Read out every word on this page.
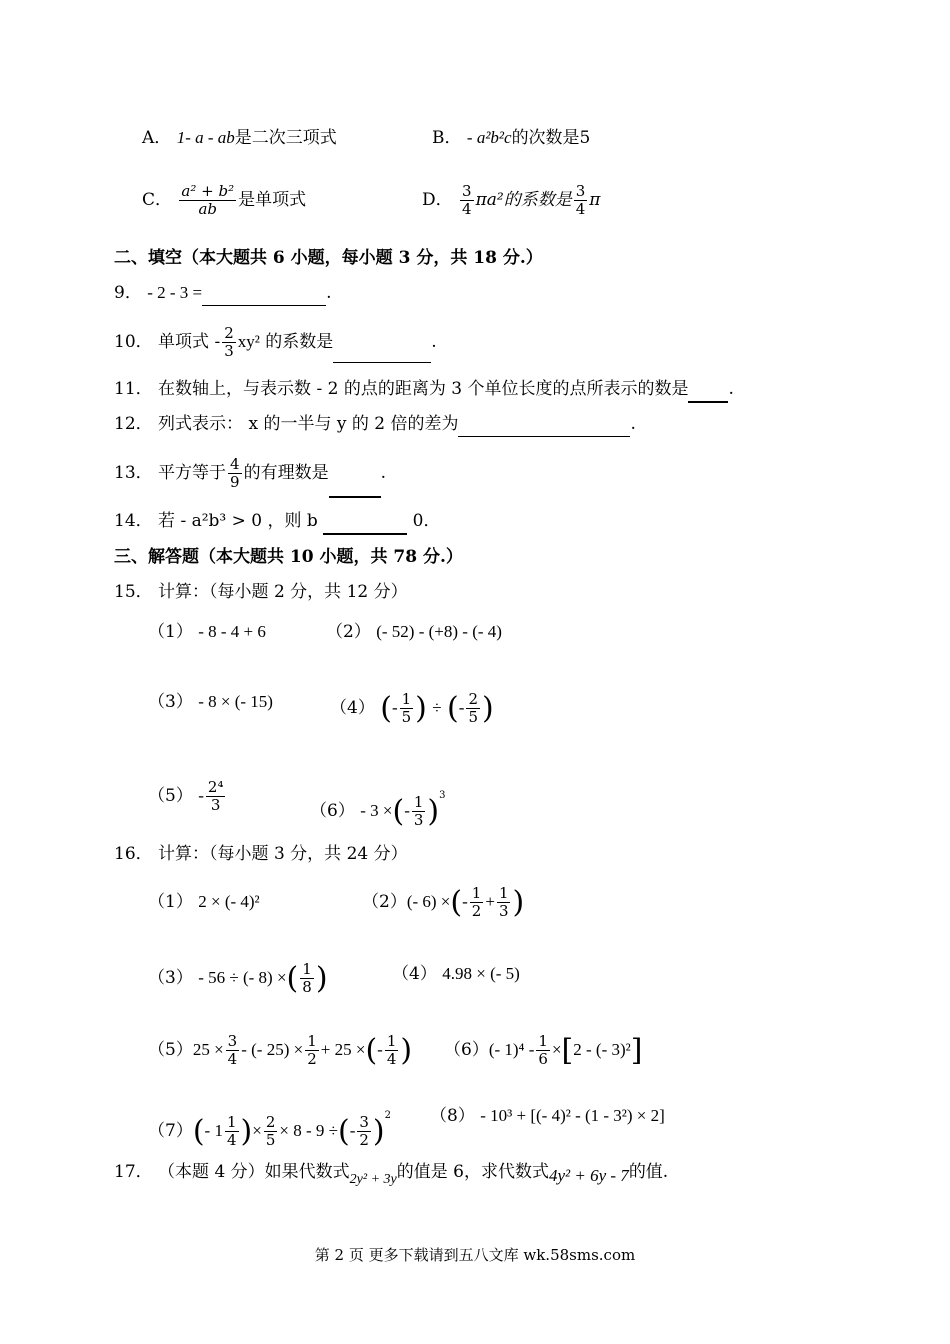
A． 1- a - ab是二次三项式	B． - a²b²c的次数是5
C． $\frac{\text{a² + b²}}{ab}$ 是单项式	D． $\frac{3}{4} \pi a^2$的系数是 $\frac{3}{4}$ π
二、填空（本大题共 6 小题，每小题 3 分，共 18 分.）
9． - 2 - 3 =	.
10． 单项式 - $\frac{2}{3} xy^2$ 的系数是	.
11． 在数轴上，与表示数 - 2 的点的距离为 3 个单位长度的点所表示的数是 .
12． 列式表示： x 的一半与 y 的 2 倍的差为	.
13． 平方等于 $\frac{4}{9}$ 的有理数是	.
14． 若 - a²b³ > 0 ，则 b	0．
三、解答题（本大题共 10 小题，共 78 分.）
15． 计算：（每小题 2 分，共 12 分）
（1） - 8 - 4 + 6	（2） (- 52) - (+8) - (- 4)
（3） - 8 × (- 15)	（4） (- $\frac{1}{5}$ ) ÷ (- $\frac{2}{5}$ )
$(5) - \frac{\text{2⁴}}{3}$	（6） - 3 ×(- $\frac{1}{3} )^3$
16． 计算：（每小题 3 分，共 24 分）
（1） 2 × (- 4)²	（2）(- 6) ×(- $\frac{1}{2} + \frac{1}{3}$ )
（3） - 56 ÷ (- 8) ×( $\frac{1}{8}$ )	（4） 4.98 × (- 5)
$(5)25 \times \frac{3}{4}$ - (- $25) \times \frac{1}{2} + 25$ ×(- $\frac{1}{4}$ ) （6）(- $1)^4 - \frac{1}{6} \times[2$ - (- 3)²]
（7）(- $1 \frac{1}{4}$ )× $\frac{2}{5} \times 8 - 9$ ÷(- $\frac{3}{2} )^2$ （8） - 10³ + [(- 4)² - (1 - 3²) × 2]
17． （本题 4 分）如果代数式$_{2y^2 + 3y}$的值是 6，求代数式4y² + 6y - 7的值.
第 2 页 更多下载请到五八文库 wk.58sms.com
